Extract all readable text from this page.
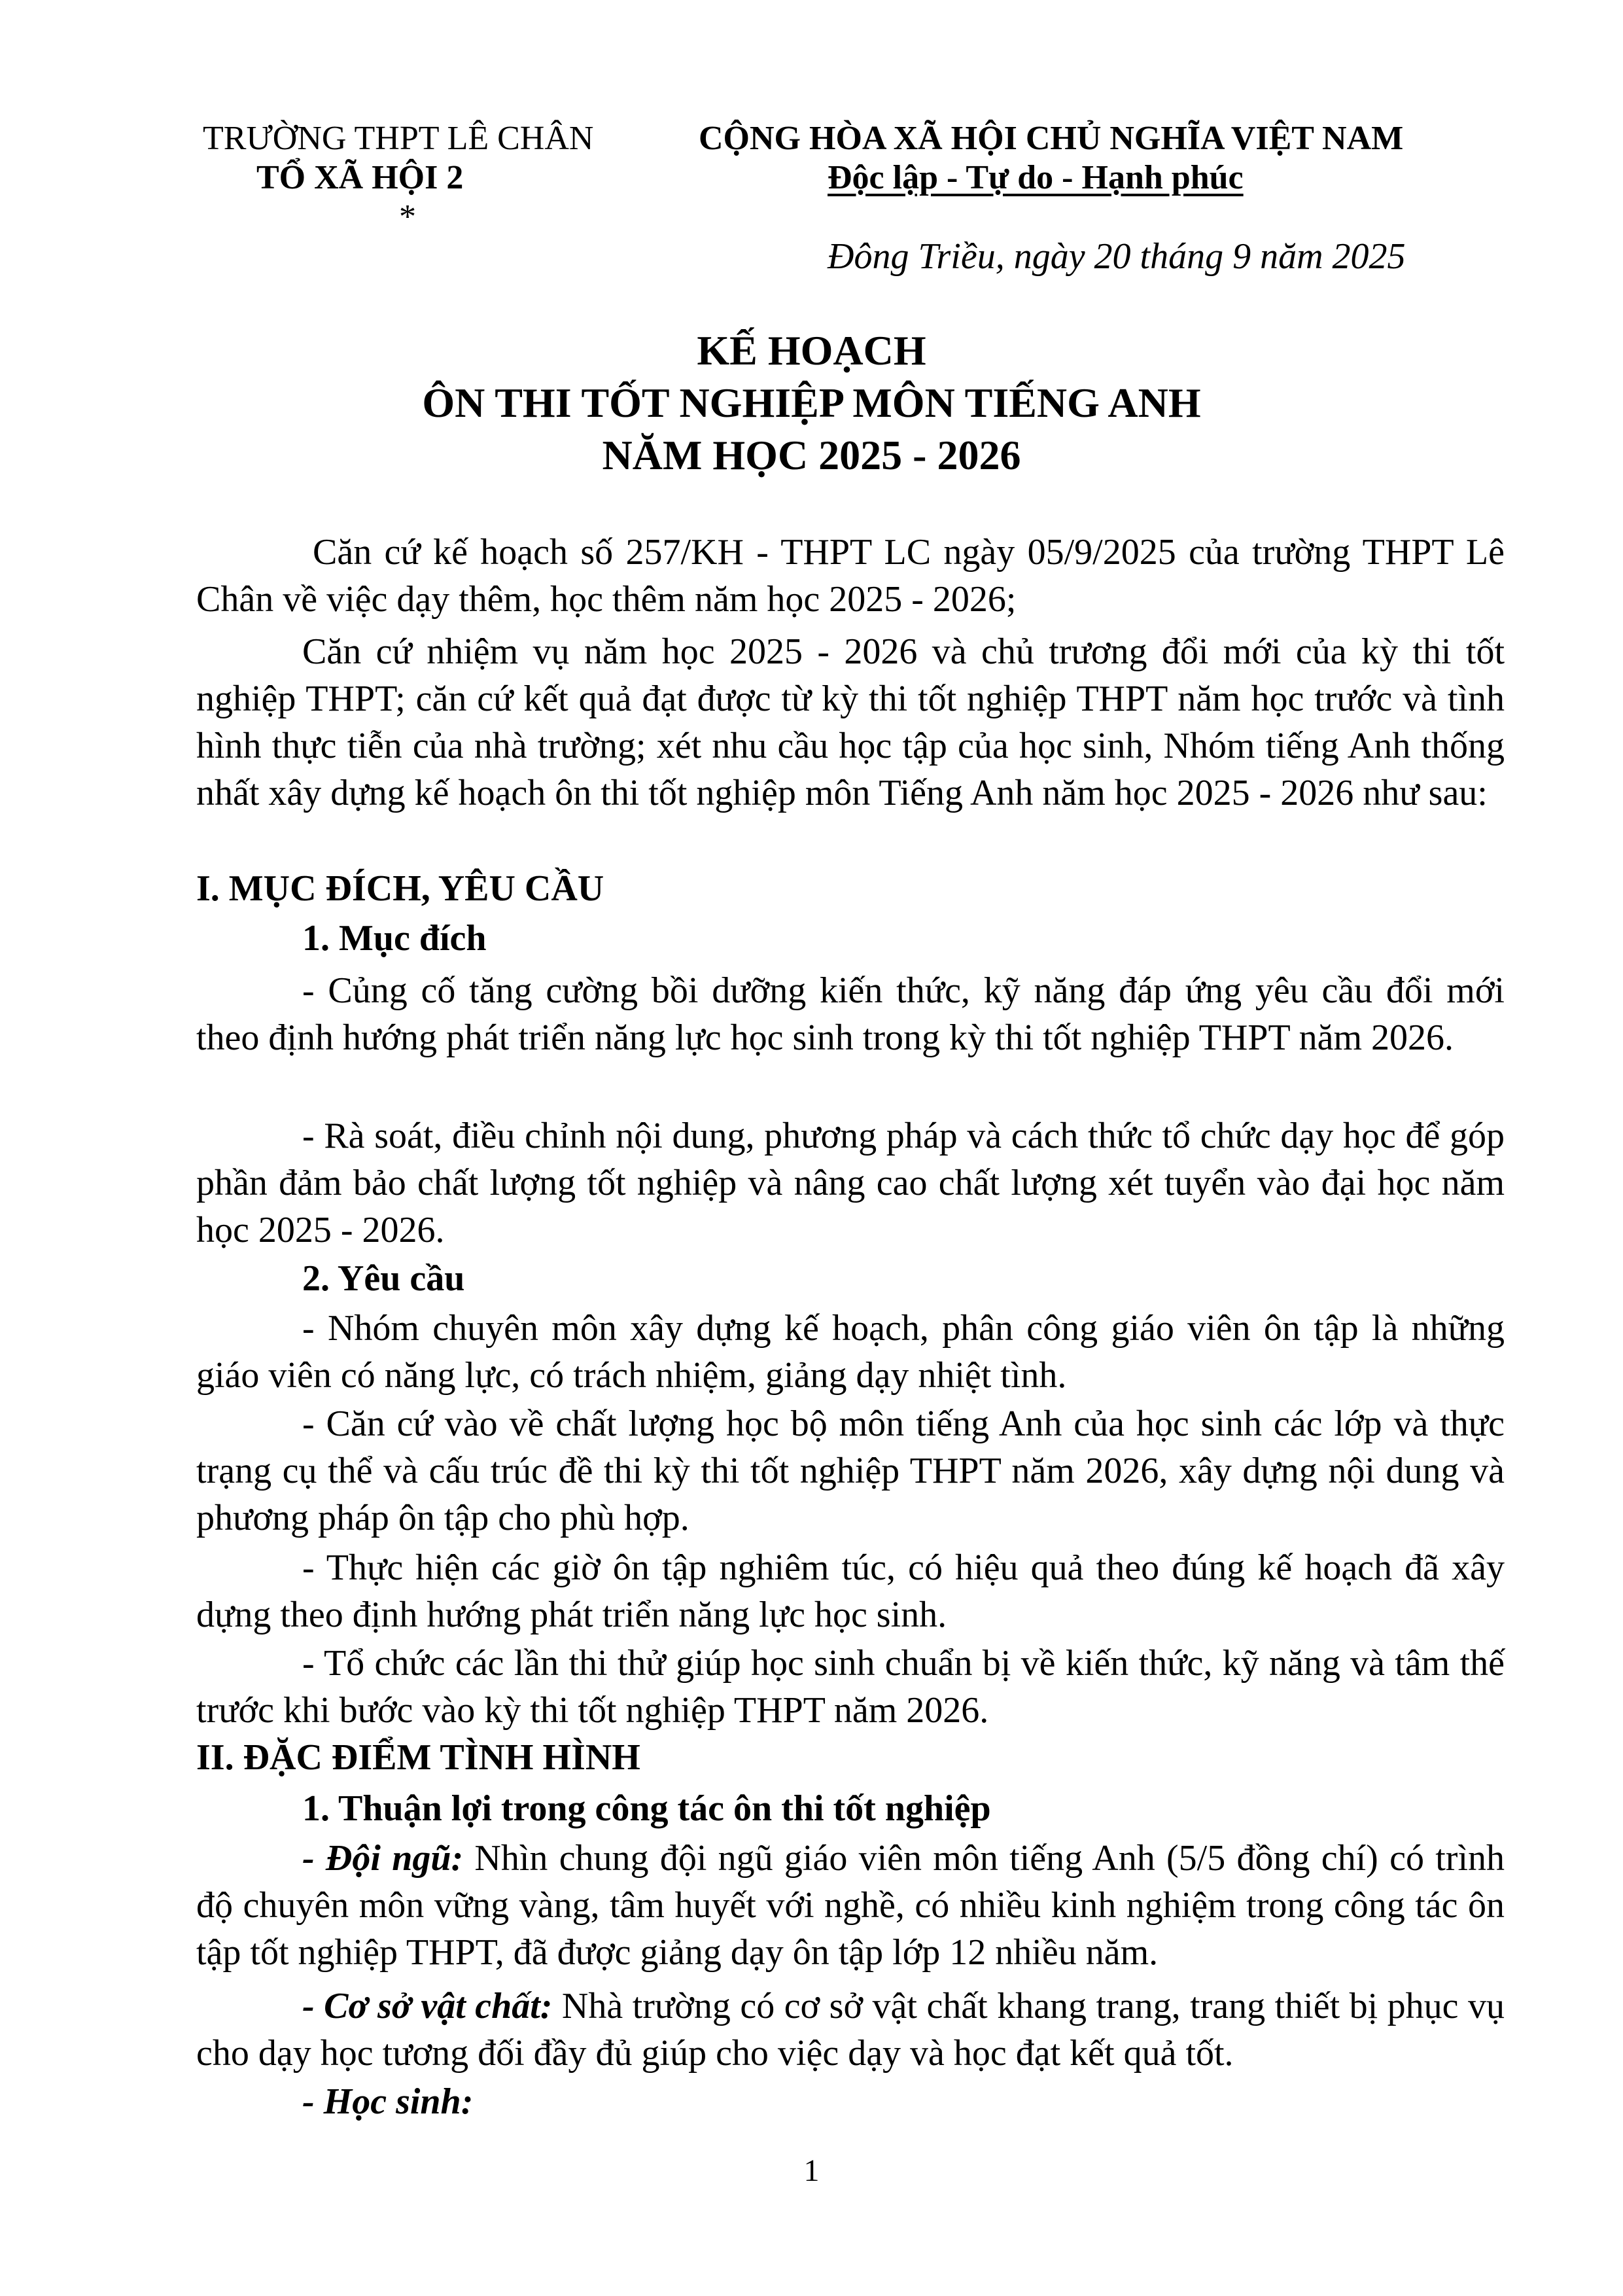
TRƯỜNG THPT LÊ CHÂN
TỔ XÃ HỘI 2
*
CỘNG HÒA XÃ HỘI CHỦ NGHĨA VIỆT NAM
Độc lập - Tự do - Hạnh phúc
Đông Triều, ngày 20 tháng 9 năm 2025
KẾ HOẠCH
ÔN THI TỐT NGHIỆP MÔN TIẾNG ANH
NĂM HỌC 2025 - 2026
Căn cứ kế hoạch số 257/KH - THPT LC ngày 05/9/2025 của trường THPT Lê Chân về việc dạy thêm, học thêm năm học 2025 - 2026;
Căn cứ nhiệm vụ năm học 2025 - 2026 và chủ trương đổi mới của kỳ thi tốt nghiệp THPT; căn cứ kết quả đạt được từ kỳ thi tốt nghiệp THPT năm học trước và tình hình thực tiễn của nhà trường; xét nhu cầu học tập của học sinh, Nhóm tiếng Anh thống nhất xây dựng kế hoạch ôn thi tốt nghiệp môn Tiếng Anh năm học 2025 - 2026 như sau:
I. MỤC ĐÍCH, YÊU CẦU
1. Mục đích
- Củng cố tăng cường bồi dưỡng kiến thức, kỹ năng đáp ứng yêu cầu đổi mới theo định hướng phát triển năng lực học sinh trong kỳ thi tốt nghiệp THPT năm 2026.
- Rà soát, điều chỉnh nội dung, phương pháp và cách thức tổ chức dạy học để góp phần đảm bảo chất lượng tốt nghiệp và nâng cao chất lượng xét tuyển vào đại học năm học 2025 - 2026.
2. Yêu cầu
- Nhóm chuyên môn xây dựng kế hoạch, phân công giáo viên ôn tập là những giáo viên có năng lực, có trách nhiệm, giảng dạy nhiệt tình.
- Căn cứ vào về chất lượng học bộ môn tiếng Anh của học sinh các lớp và thực trạng cụ thể và cấu trúc đề thi kỳ thi tốt nghiệp THPT năm 2026, xây dựng nội dung và phương pháp ôn tập cho phù hợp.
- Thực hiện các giờ ôn tập nghiêm túc, có hiệu quả theo đúng kế hoạch đã xây dựng theo định hướng phát triển năng lực học sinh.
- Tổ chức các lần thi thử giúp học sinh chuẩn bị về kiến thức, kỹ năng và tâm thế trước khi bước vào kỳ thi tốt nghiệp THPT năm 2026.
II. ĐẶC ĐIỂM TÌNH HÌNH
1. Thuận lợi trong công tác ôn thi tốt nghiệp
- Đội ngũ: Nhìn chung đội ngũ giáo viên môn tiếng Anh (5/5 đồng chí) có trình độ chuyên môn vững vàng, tâm huyết với nghề, có nhiều kinh nghiệm trong công tác ôn tập tốt nghiệp THPT, đã được giảng dạy ôn tập lớp 12 nhiều năm.
- Cơ sở vật chất: Nhà trường có cơ sở vật chất khang trang, trang thiết bị phục vụ cho dạy học tương đối đầy đủ giúp cho việc dạy và học đạt kết quả tốt.
- Học sinh:
1
